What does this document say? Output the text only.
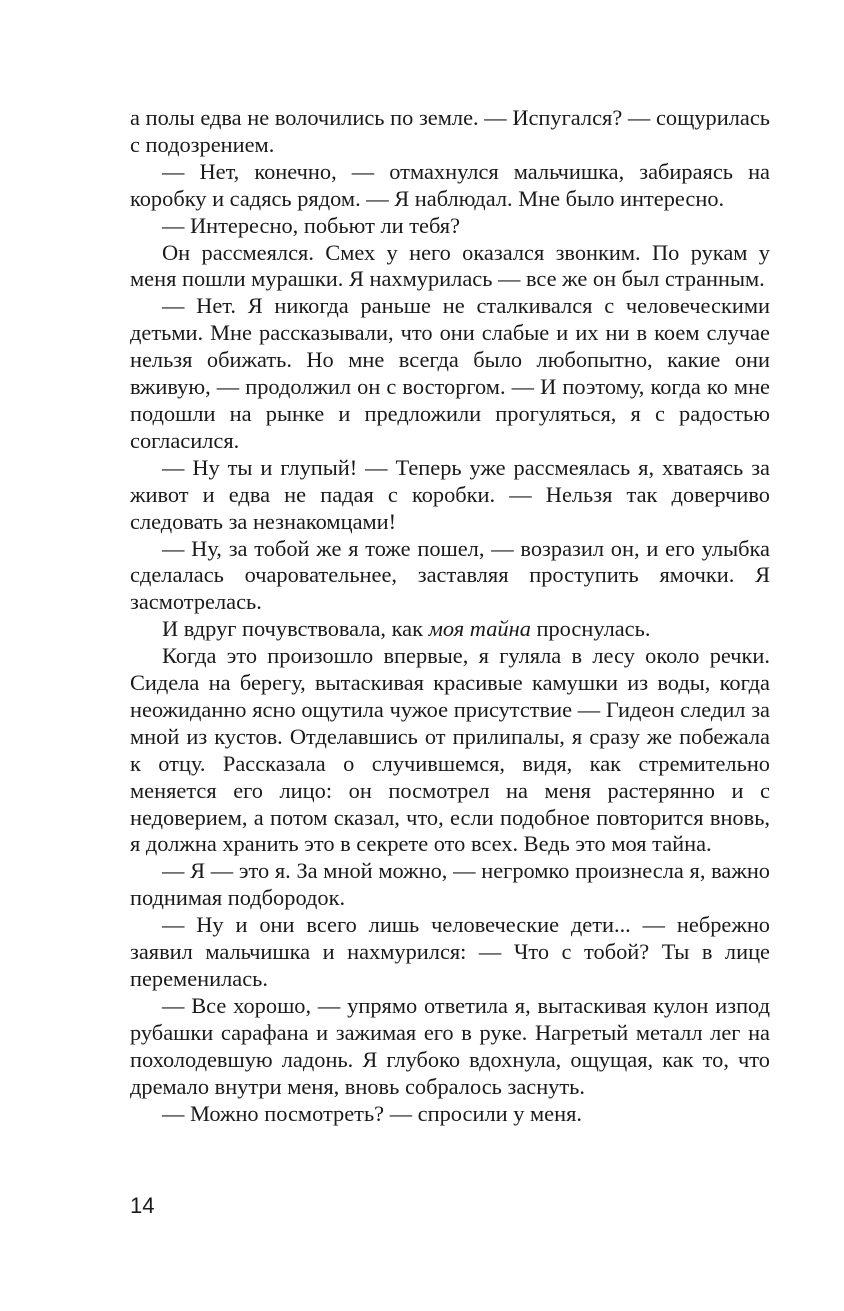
а полы едва не волочились по земле. — Испугался? — сощурилась с подозрением.

— Нет, конечно, — отмахнулся мальчишка, забираясь на коробку и садясь рядом. — Я наблюдал. Мне было интересно.

— Интересно, побьют ли тебя?

Он рассмеялся. Смех у него оказался звонким. По рукам у меня пошли мурашки. Я нахмурилась — все же он был странным.

— Нет. Я никогда раньше не сталкивался с человеческими детьми. Мне рассказывали, что они слабые и их ни в коем случае нельзя обижать. Но мне всегда было любопытно, какие они вживую, — продолжил он с восторгом. — И поэтому, когда ко мне подошли на рынке и предложили прогуляться, я с радостью согласился.

— Ну ты и глупый! — Теперь уже рассмеялась я, хватаясь за живот и едва не падая с коробки. — Нельзя так доверчиво следовать за незнакомцами!

— Ну, за тобой же я тоже пошел, — возразил он, и его улыбка сделалась очаровательнее, заставляя проступить ямочки. Я засмотрелась.

И вдруг почувствовала, как моя тайна проснулась.

Когда это произошло впервые, я гуляла в лесу около речки. Сидела на берегу, вытаскивая красивые камушки из воды, когда неожиданно ясно ощутила чужое присутствие — Гидеон следил за мной из кустов. Отделавшись от прилипалы, я сразу же побежала к отцу. Рассказала о случившемся, видя, как стремительно меняется его лицо: он посмотрел на меня растерянно и с недоверием, а потом сказал, что, если подобное повторится вновь, я должна хранить это в секрете ото всех. Ведь это моя тайна.

— Я — это я. За мной можно, — негромко произнесла я, важно поднимая подбородок.

— Ну и они всего лишь человеческие дети... — небрежно заявил мальчишка и нахмурился: — Что с тобой? Ты в лице переменилась.

— Все хорошо, — упрямо ответила я, вытаскивая кулон изпод рубашки сарафана и зажимая его в руке. Нагретый металл лег на похолодевшую ладонь. Я глубоко вдохнула, ощущая, как то, что дремало внутри меня, вновь собралось заснуть.

— Можно посмотреть? — спросили у меня.

14
